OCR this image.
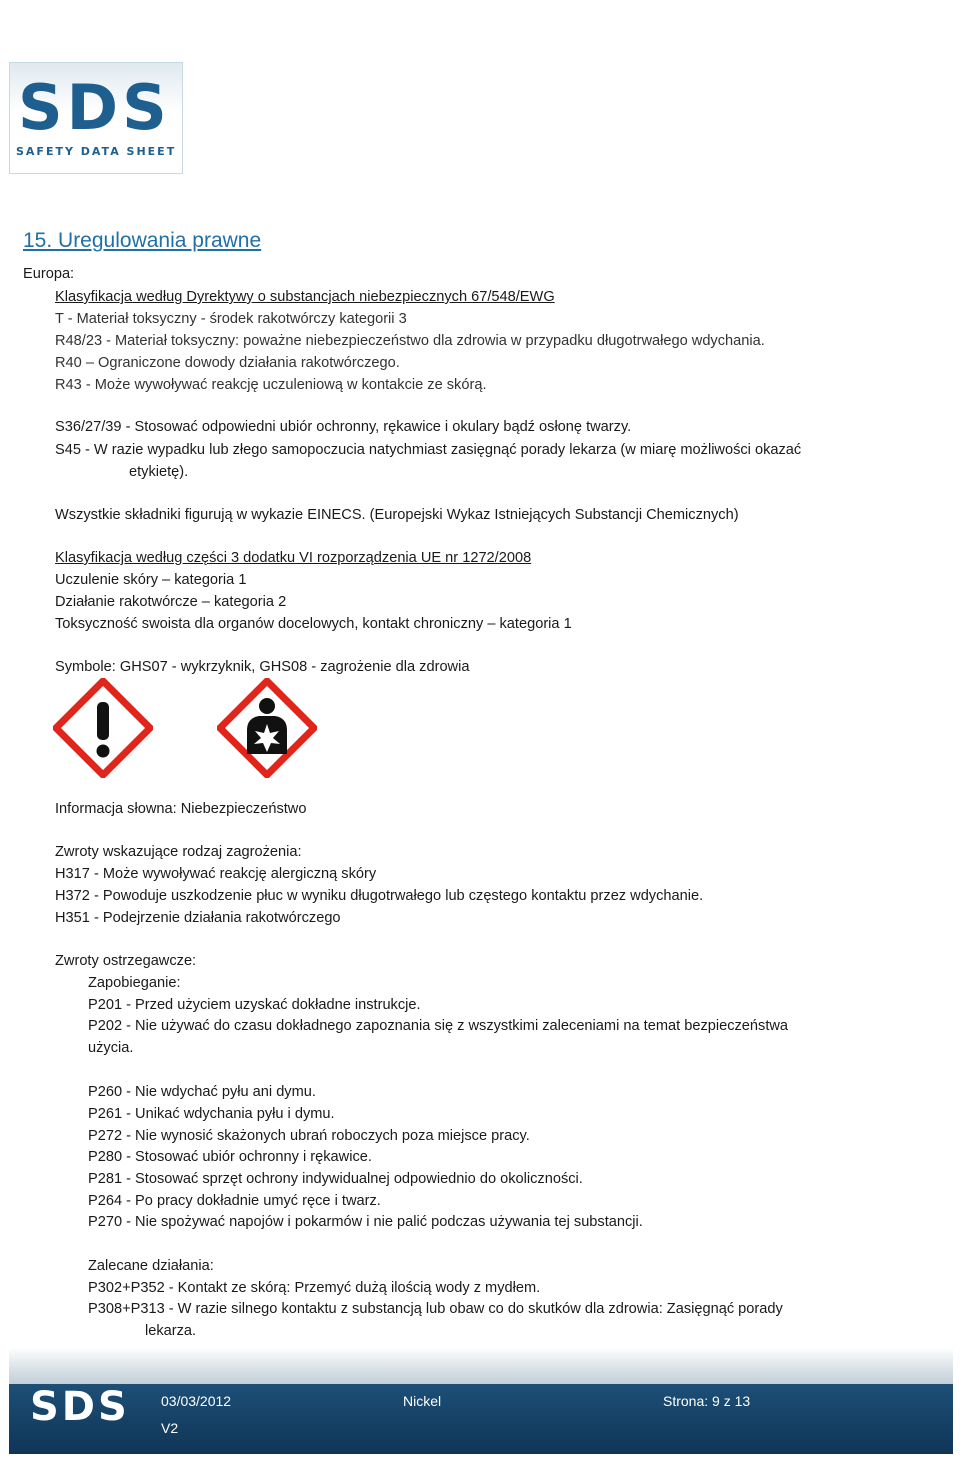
SDS
SAFETY DATA SHEET
15. Uregulowania prawne
Europa:
Klasyfikacja według Dyrektywy o substancjach niebezpiecznych 67/548/EWG
T - Materiał toksyczny - środek rakotwórczy kategorii 3
R48/23 - Materiał toksyczny: poważne niebezpieczeństwo dla zdrowia w przypadku długotrwałego wdychania.
R40 – Ograniczone dowody działania rakotwórczego.
R43 - Może wywoływać reakcję uczuleniową w kontakcie ze skórą.
S36/27/39 - Stosować odpowiedni ubiór ochronny, rękawice i okulary bądź osłonę twarzy.
S45 - W razie wypadku lub złego samopoczucia natychmiast zasięgnąć porady lekarza (w miarę możliwości okazać
etykietę).
Wszystkie składniki figurują w wykazie EINECS. (Europejski Wykaz Istniejących Substancji Chemicznych)
Klasyfikacja według części 3 dodatku VI rozporządzenia UE nr 1272/2008
Uczulenie skóry – kategoria 1
Działanie rakotwórcze – kategoria 2
Toksyczność swoista dla organów docelowych, kontakt chroniczny – kategoria 1
Symbole: GHS07 - wykrzyknik, GHS08 - zagrożenie dla zdrowia
Informacja słowna: Niebezpieczeństwo
Zwroty wskazujące rodzaj zagrożenia:
H317 - Może wywoływać reakcję alergiczną skóry
H372 - Powoduje uszkodzenie płuc w wyniku długotrwałego lub częstego kontaktu przez wdychanie.
H351 - Podejrzenie działania rakotwórczego
Zwroty ostrzegawcze:
Zapobieganie:
P201 - Przed użyciem uzyskać dokładne instrukcje.
P202 - Nie używać do czasu dokładnego zapoznania się z wszystkimi zaleceniami na temat bezpieczeństwa
użycia.
P260 - Nie wdychać pyłu ani dymu.
P261 - Unikać wdychania pyłu i dymu.
P272 - Nie wynosić skażonych ubrań roboczych poza miejsce pracy.
P280 - Stosować ubiór ochronny i rękawice.
P281 - Stosować sprzęt ochrony indywidualnej odpowiednio do okoliczności.
P264 - Po pracy dokładnie umyć ręce i twarz.
P270 - Nie spożywać napojów i pokarmów i nie palić podczas używania tej substancji.
Zalecane działania:
P302+P352 - Kontakt ze skórą: Przemyć dużą ilością wody z mydłem.
P308+P313 - W razie silnego kontaktu z substancją lub obaw co do skutków dla zdrowia: Zasięgnąć porady
lekarza.
SDS 03/03/2012
V2
Nickel	Strona: 9 z 13
